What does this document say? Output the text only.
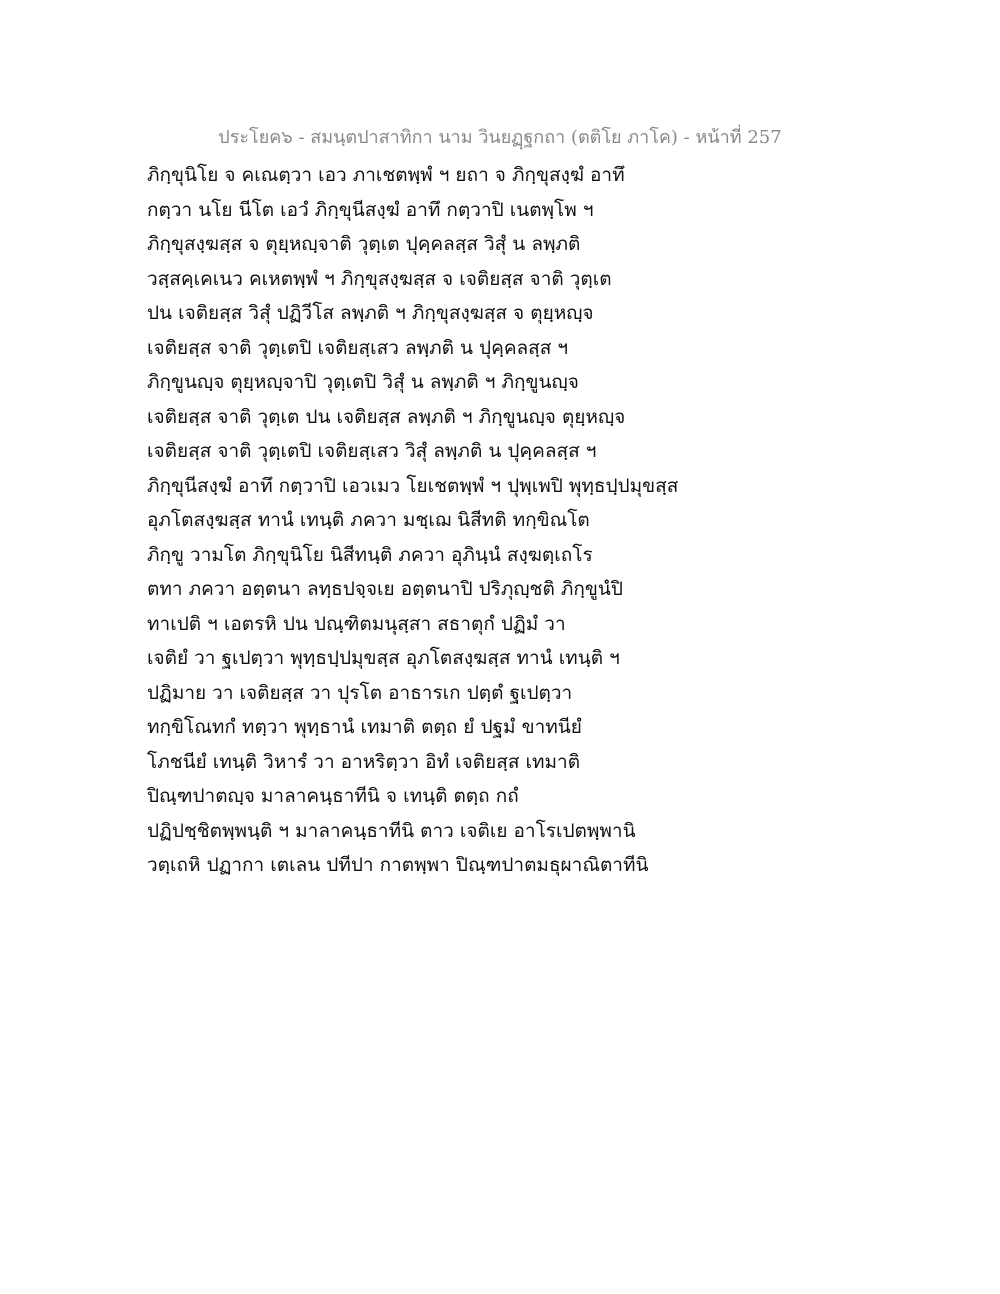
ประโยค๖ - สมนฺตปาสาทิกา นาม วินยฏฺฐกถา (ตติโย ภาโค) - หน้าที่ 257
ภิกฺขุนิโย จ คเณตฺวา เอว ภาเชตพฺพํ ฯ ยถา จ ภิกฺขุสงฺฆํ อาทึ
กตฺวา นโย นีโต เอวํ ภิกฺขุนีสงฺฆํ อาทึ กตฺวาปิ เนตพฺโพ ฯ
ภิกฺขุสงฺฆสฺส จ ตุยฺหญฺจาติ วุตฺเต ปุคฺคลสฺส วิสุํ น ลพฺภติ
วสฺสคฺเคเนว คเหตพฺพํ ฯ ภิกฺขุสงฺฆสฺส จ เจติยสฺส จาติ วุตฺเต
ปน เจติยสฺส วิสุํ ปฏิวีโส ลพฺภติ ฯ ภิกฺขุสงฺฆสฺส จ ตุยฺหญฺจ
เจติยสฺส จาติ วุตฺเตปิ เจติยสฺเสว ลพฺภติ น ปุคฺคลสฺส ฯ
ภิกฺขูนญฺจ ตุยฺหญฺจาปิ วุตฺเตปิ วิสุํ น ลพฺภติ ฯ ภิกฺขูนญฺจ
เจติยสฺส จาติ วุตฺเต ปน เจติยสฺส ลพฺภติ ฯ ภิกฺขูนญฺจ ตุยฺหญฺจ
เจติยสฺส จาติ วุตฺเตปิ เจติยสฺเสว วิสุํ ลพฺภติ น ปุคฺคลสฺส ฯ
ภิกฺขุนีสงฺฆํ อาทึ กตฺวาปิ เอวเมว โยเชตพฺพํ ฯ ปุพฺเพปิ พุทฺธปฺปมุขสฺส
อุภโตสงฺฆสฺส ทานํ เทนฺติ ภควา มชฺเฌ นิสีทติ ทกฺขิณโต
ภิกฺขู วามโต ภิกฺขุนิโย นิสีทนฺติ ภควา อุภินฺนํ สงฺฆตฺเถโร
ตทา ภควา อตฺตนา ลทฺธปจฺจเย อตฺตนาปิ ปริภุญฺชติ ภิกฺขูนํปิ
ทาเปติ ฯ เอตรหิ ปน ปณฺฑิตมนุสฺสา สธาตุกํ ปฏิมํ วา
เจติยํ วา ฐเปตฺวา พุทฺธปฺปมุขสฺส อุภโตสงฺฆสฺส ทานํ เทนฺติ ฯ
ปฏิมาย วา เจติยสฺส วา ปุรโต อาธารเก ปตฺตํ ฐเปตฺวา
ทกฺขิโณทกํ ทตฺวา พุทฺธานํ เทมาติ ตตฺถ ยํ ปฐมํ ขาทนียํ
โภชนียํ เทนฺติ วิหารํ วา อาหริตฺวา อิทํ เจติยสฺส เทมาติ
ปิณฺฑปาตญฺจ มาลาคนฺธาทีนิ จ เทนฺติ ตตฺถ กถํ
ปฏิปชฺชิตพฺพนฺติ ฯ มาลาคนฺธาทีนิ ตาว เจติเย อาโรเปตพฺพานิ
วตฺเถหิ ปฏากา เตเลน ปทีปา กาตพฺพา ปิณฺฑปาตมธุผาณิตาทีนิ
